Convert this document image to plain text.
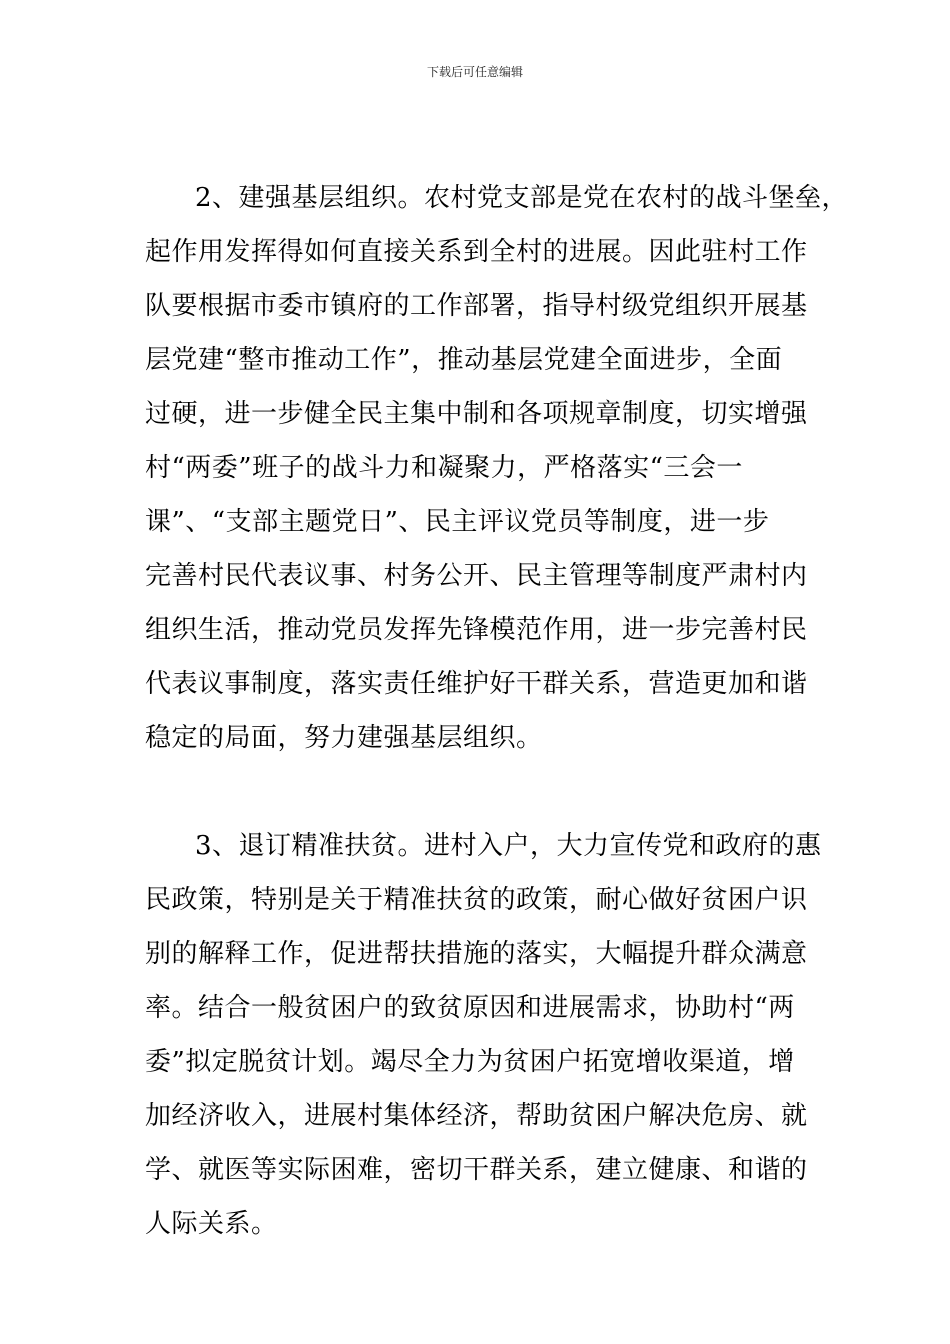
下载后可任意编辑
2、建强基层组织。农村党支部是党在农村的战斗堡垒，
起作用发挥得如何直接关系到全村的进展。因此驻村工作
队要根据市委市镇府的工作部署，指导村级党组织开展基
层党建“整市推动工作”，推动基层党建全面进步，全面
过硬，进一步健全民主集中制和各项规章制度，切实增强
村“两委”班子的战斗力和凝聚力，严格落实“三会一
课”、“支部主题党日”、民主评议党员等制度，进一步
完善村民代表议事、村务公开、民主管理等制度严肃村内
组织生活，推动党员发挥先锋模范作用，进一步完善村民
代表议事制度，落实责任维护好干群关系，营造更加和谐
稳定的局面，努力建强基层组织。
3、退订精准扶贫。进村入户，大力宣传党和政府的惠
民政策，特别是关于精准扶贫的政策，耐心做好贫困户识
别的解释工作，促进帮扶措施的落实，大幅提升群众满意
率。结合一般贫困户的致贫原因和进展需求，协助村“两
委”拟定脱贫计划。竭尽全力为贫困户拓宽增收渠道，增
加经济收入，进展村集体经济，帮助贫困户解决危房、就
学、就医等实际困难，密切干群关系，建立健康、和谐的
人际关系。
